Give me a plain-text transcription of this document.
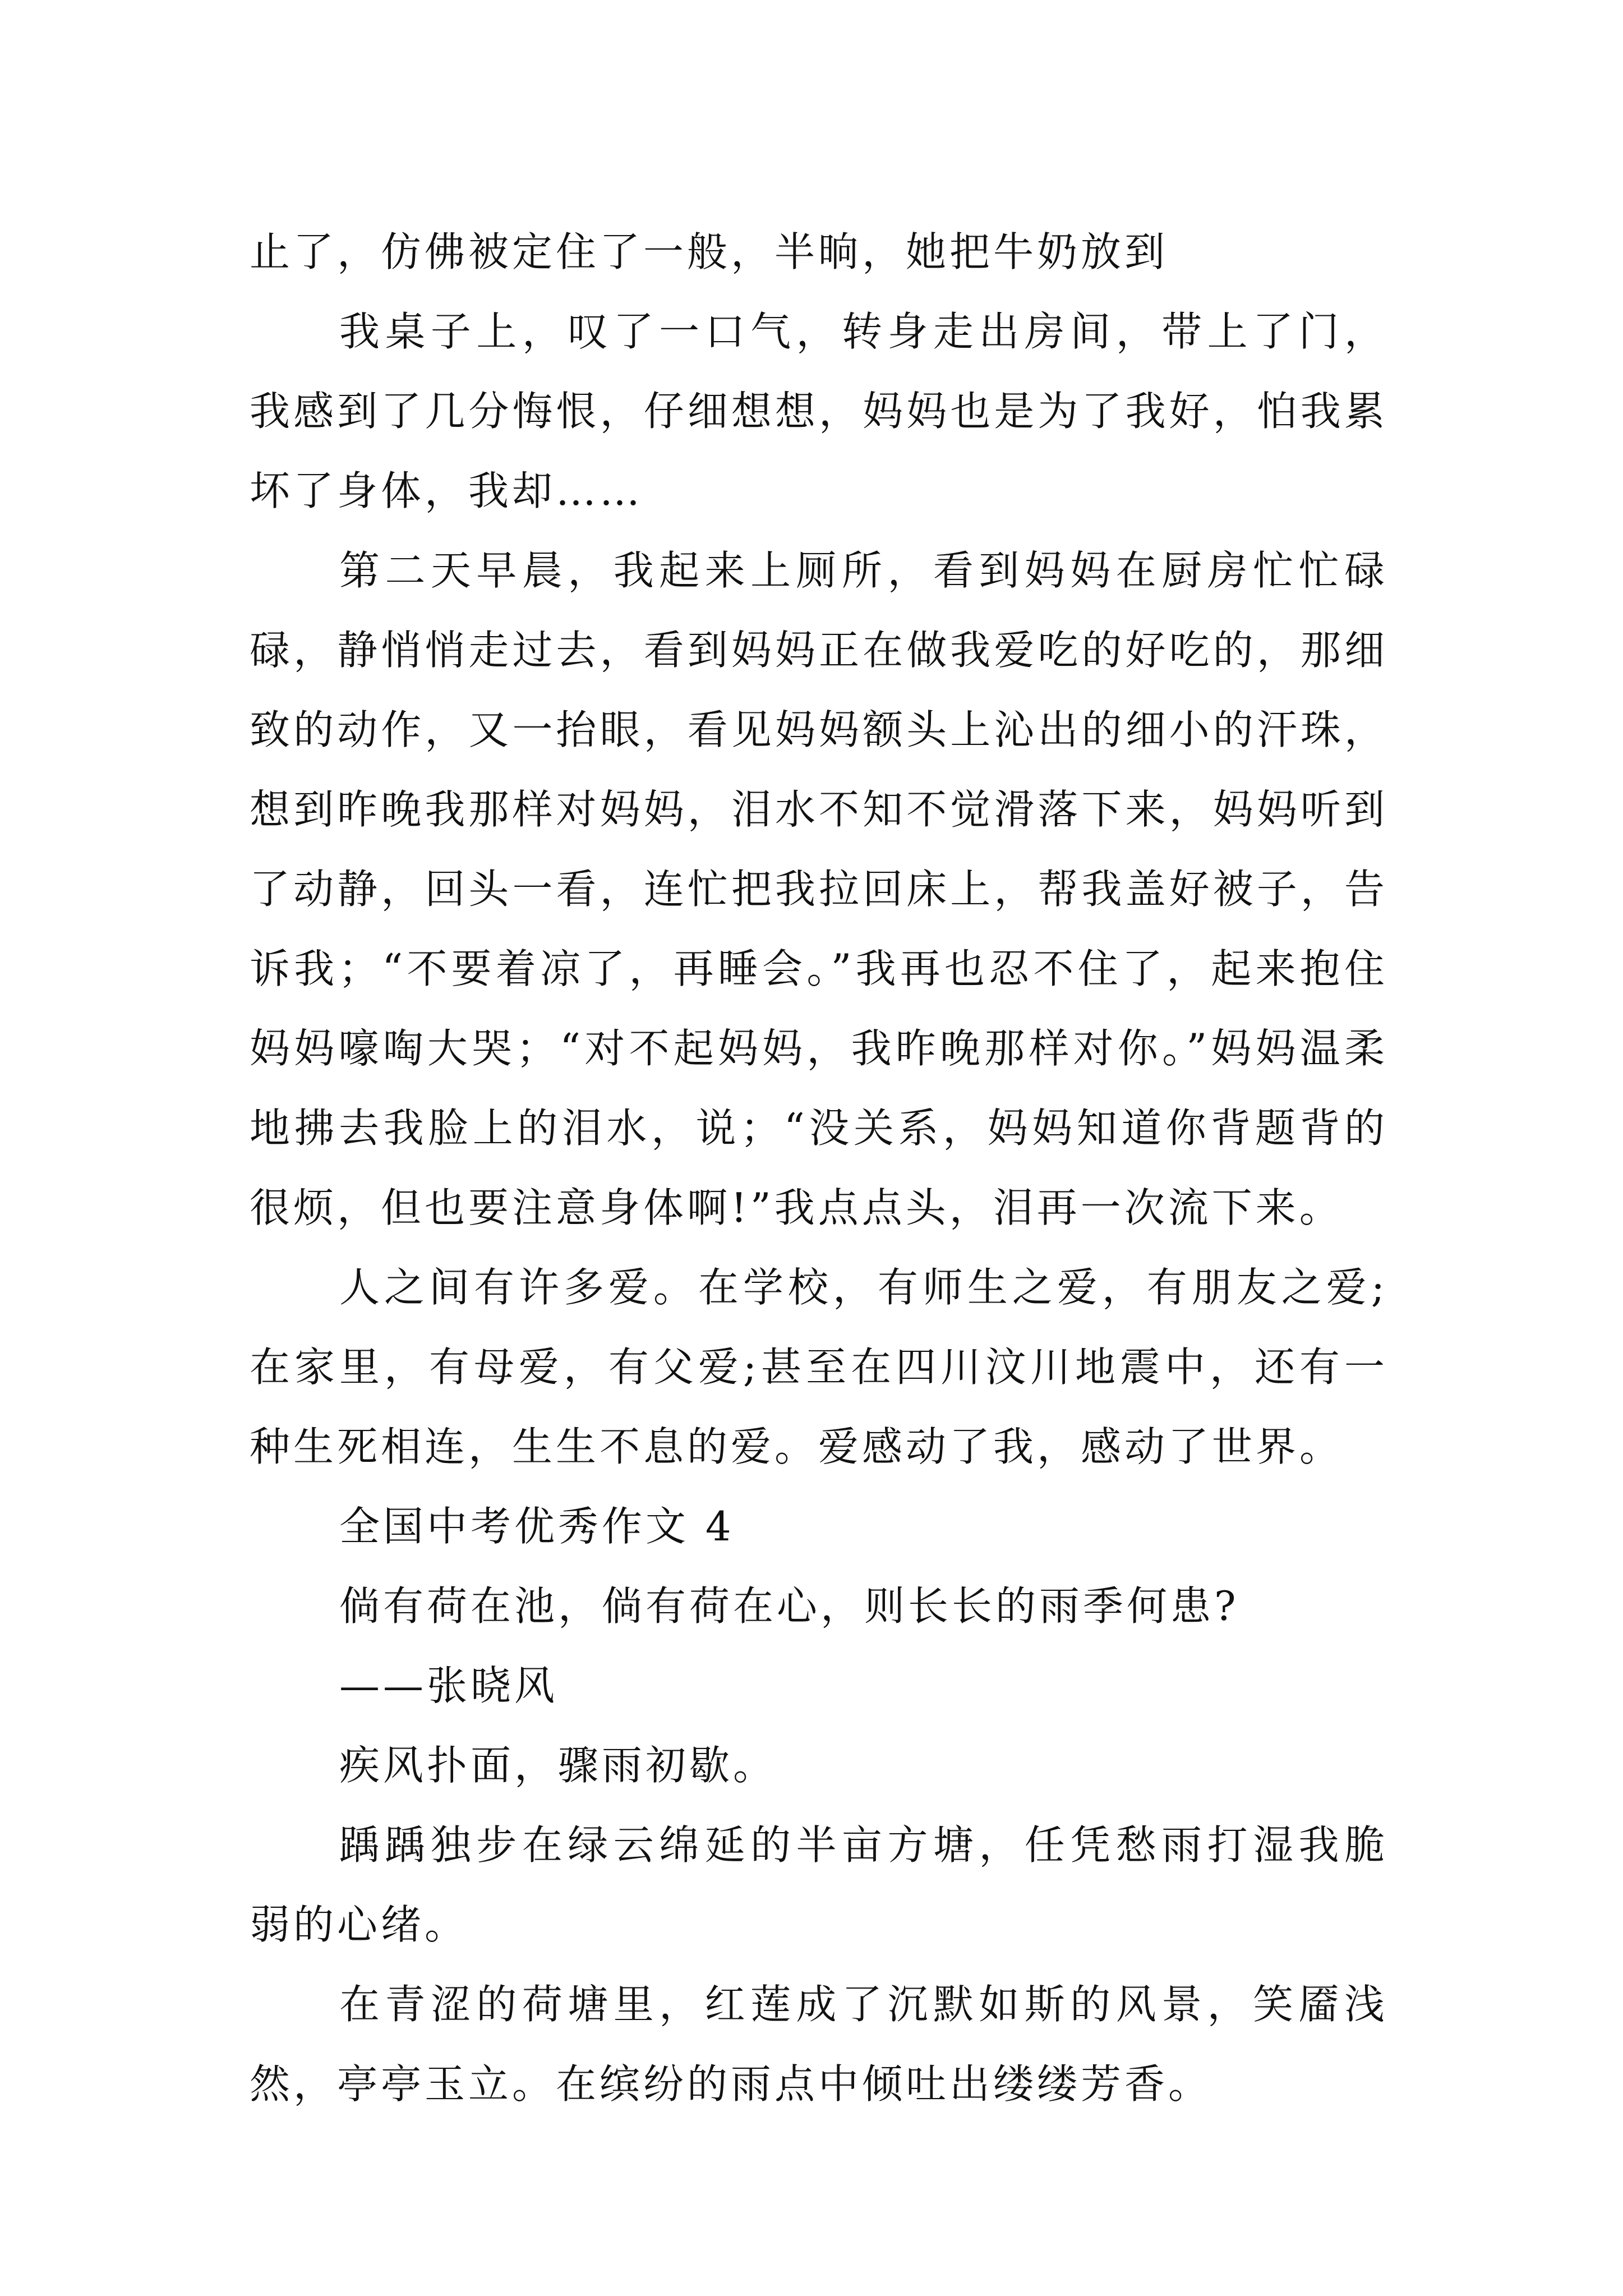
止了，仿佛被定住了一般，半晌，她把牛奶放到

我桌子上，叹了一口气，转身走出房间，带上了门，我感到了几分悔恨，仔细想想，妈妈也是为了我好，怕我累坏了身体，我却……

第二天早晨，我起来上厕所，看到妈妈在厨房忙忙碌碌，静悄悄走过去，看到妈妈正在做我爱吃的好吃的，那细致的动作，又一抬眼，看见妈妈额头上沁出的细小的汗珠，想到昨晚我那样对妈妈，泪水不知不觉滑落下来，妈妈听到了动静，回头一看，连忙把我拉回床上，帮我盖好被子，告诉我；“不要着凉了，再睡会。”我再也忍不住了，起来抱住妈妈嚎啕大哭；“对不起妈妈，我昨晚那样对你。”妈妈温柔地拂去我脸上的泪水，说；“没关系，妈妈知道你背题背的很烦，但也要注意身体啊!”我点点头，泪再一次流下来。

人之间有许多爱。在学校，有师生之爱，有朋友之爱;在家里，有母爱，有父爱;甚至在四川汶川地震中，还有一种生死相连，生生不息的爱。爱感动了我，感动了世界。

全国中考优秀作文 4

倘有荷在池，倘有荷在心，则长长的雨季何患?

——张晓风

疾风扑面，骤雨初歇。

踽踽独步在绿云绵延的半亩方塘，任凭愁雨打湿我脆弱的心绪。

在青涩的荷塘里，红莲成了沉默如斯的风景，笑靥浅然，亭亭玉立。在缤纷的雨点中倾吐出缕缕芳香。
